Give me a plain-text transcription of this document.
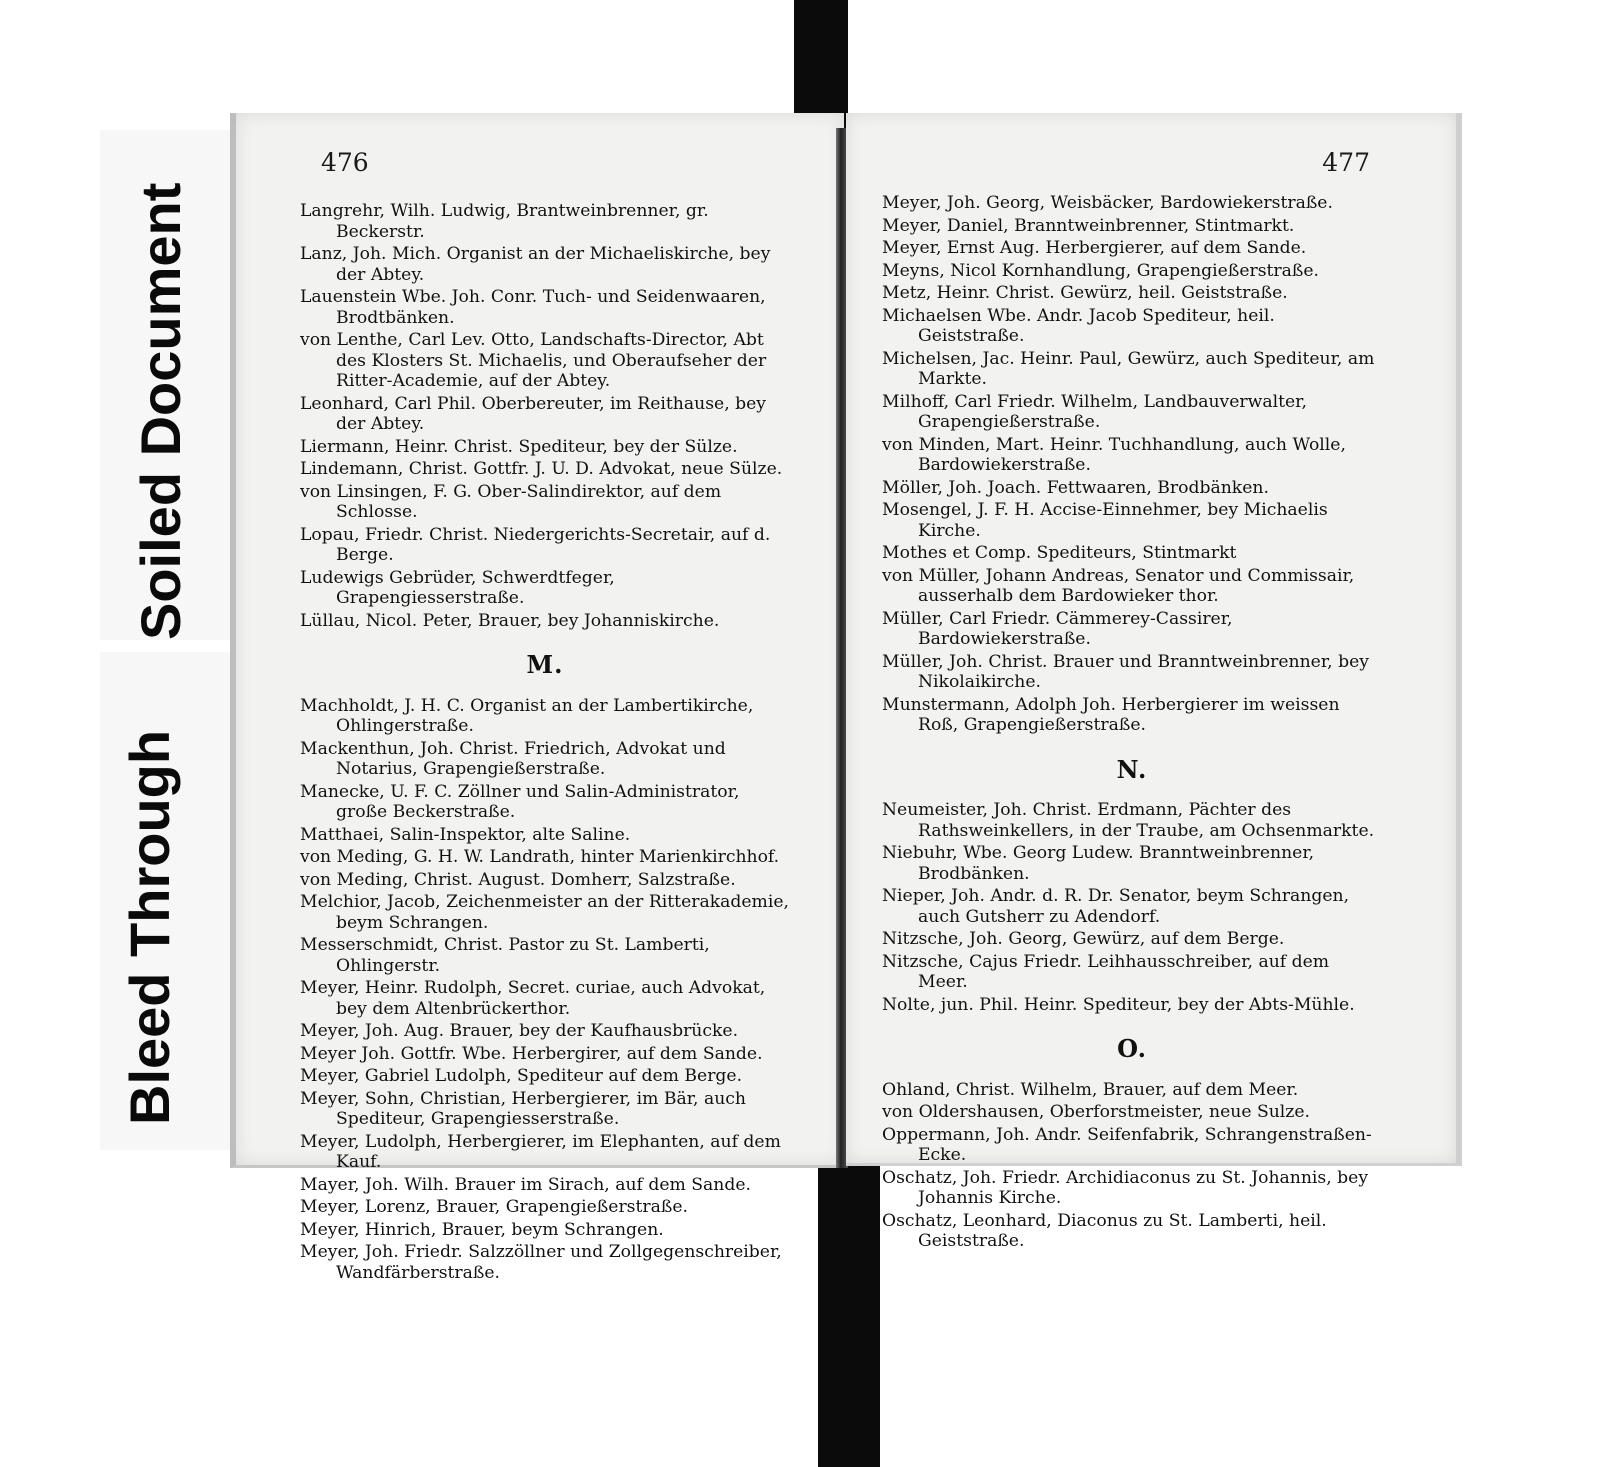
Bleed Through
Soiled Document
476
Langrehr, Wilh. Ludwig, Brantweinbrenner, gr. Beckerstr.
Lanz, Joh. Mich. Organist an der Michaeliskirche, bey der Abtey.
Lauenstein Wbe. Joh. Conr. Tuch- und Seidenwaaren, Brodtbänken.
von Lenthe, Carl Lev. Otto, Landschafts-Director, Abt des Klosters St. Michaelis, und Oberaufseher der Ritter-Academie, auf der Abtey.
Leonhard, Carl Phil. Oberbereuter, im Reithause, bey der Abtey.
Liermann, Heinr. Christ. Spediteur, bey der Sülze.
Lindemann, Christ. Gottfr. J. U. D. Advokat, neue Sülze.
von Linsingen, F. G. Ober-Salindirektor, auf dem Schlosse.
Lopau, Friedr. Christ. Niedergerichts-Secretair, auf d. Berge.
Ludewigs Gebrüder, Schwerdtfeger, Grapengiesserstraße.
Lüllau, Nicol. Peter, Brauer, bey Johanniskirche.
M.
Machholdt, J. H. C. Organist an der Lambertikirche, Ohlingerstraße.
Mackenthun, Joh. Christ. Friedrich, Advokat und Notarius, Grapengießerstraße.
Manecke, U. F. C. Zöllner und Salin-Administrator, große Beckerstraße.
Matthaei, Salin-Inspektor, alte Saline.
von Meding, G. H. W. Landrath, hinter Marienkirchhof.
von Meding, Christ. August. Domherr, Salzstraße.
Melchior, Jacob, Zeichenmeister an der Ritterakademie, beym Schrangen.
Messerschmidt, Christ. Pastor zu St. Lamberti, Ohlingerstr.
Meyer, Heinr. Rudolph, Secret. curiae, auch Advokat, bey dem Altenbrückerthor.
Meyer, Joh. Aug. Brauer, bey der Kaufhausbrücke.
Meyer Joh. Gottfr. Wbe. Herbergirer, auf dem Sande.
Meyer, Gabriel Ludolph, Spediteur auf dem Berge.
Meyer, Sohn, Christian, Herbergierer, im Bär, auch Spediteur, Grapengiesserstraße.
Meyer, Ludolph, Herbergierer, im Elephanten, auf dem Kauf.
Mayer, Joh. Wilh. Brauer im Sirach, auf dem Sande.
Meyer, Lorenz, Brauer, Grapengießerstraße.
Meyer, Hinrich, Brauer, beym Schrangen.
Meyer, Joh. Friedr. Salzzöllner und Zollgegenschreiber, Wandfärberstraße.
477
Meyer, Joh. Georg, Weisbäcker, Bardowiekerstraße.
Meyer, Daniel, Branntweinbrenner, Stintmarkt.
Meyer, Ernst Aug. Herbergierer, auf dem Sande.
Meyns, Nicol Kornhandlung, Grapengießerstraße.
Metz, Heinr. Christ. Gewürz, heil. Geiststraße.
Michaelsen Wbe. Andr. Jacob Spediteur, heil. Geiststraße.
Michelsen, Jac. Heinr. Paul, Gewürz, auch Spediteur, am Markte.
Milhoff, Carl Friedr. Wilhelm, Landbauverwalter, Grapengießerstraße.
von Minden, Mart. Heinr. Tuchhandlung, auch Wolle, Bardowiekerstraße.
Möller, Joh. Joach. Fettwaaren, Brodbänken.
Mosengel, J. F. H. Accise-Einnehmer, bey Michaelis Kirche.
Mothes et Comp. Spediteurs, Stintmarkt
von Müller, Johann Andreas, Senator und Commissair, ausserhalb dem Bardowieker thor.
Müller, Carl Friedr. Cämmerey-Cassirer, Bardowiekerstraße.
Müller, Joh. Christ. Brauer und Branntweinbrenner, bey Nikolaikirche.
Munstermann, Adolph Joh. Herbergierer im weissen Roß, Grapengießerstraße.
N.
Neumeister, Joh. Christ. Erdmann, Pächter des Rathsweinkellers, in der Traube, am Ochsenmarkte.
Niebuhr, Wbe. Georg Ludew. Branntweinbrenner, Brodbänken.
Nieper, Joh. Andr. d. R. Dr. Senator, beym Schrangen, auch Gutsherr zu Adendorf.
Nitzsche, Joh. Georg, Gewürz, auf dem Berge.
Nitzsche, Cajus Friedr. Leihhausschreiber, auf dem Meer.
Nolte, jun. Phil. Heinr. Spediteur, bey der Abts-Mühle.
O.
Ohland, Christ. Wilhelm, Brauer, auf dem Meer.
von Oldershausen, Oberforstmeister, neue Sulze.
Oppermann, Joh. Andr. Seifenfabrik, Schrangenstraßen-Ecke.
Oschatz, Joh. Friedr. Archidiaconus zu St. Johannis, bey Johannis Kirche.
Oschatz, Leonhard, Diaconus zu St. Lamberti, heil. Geiststraße.
